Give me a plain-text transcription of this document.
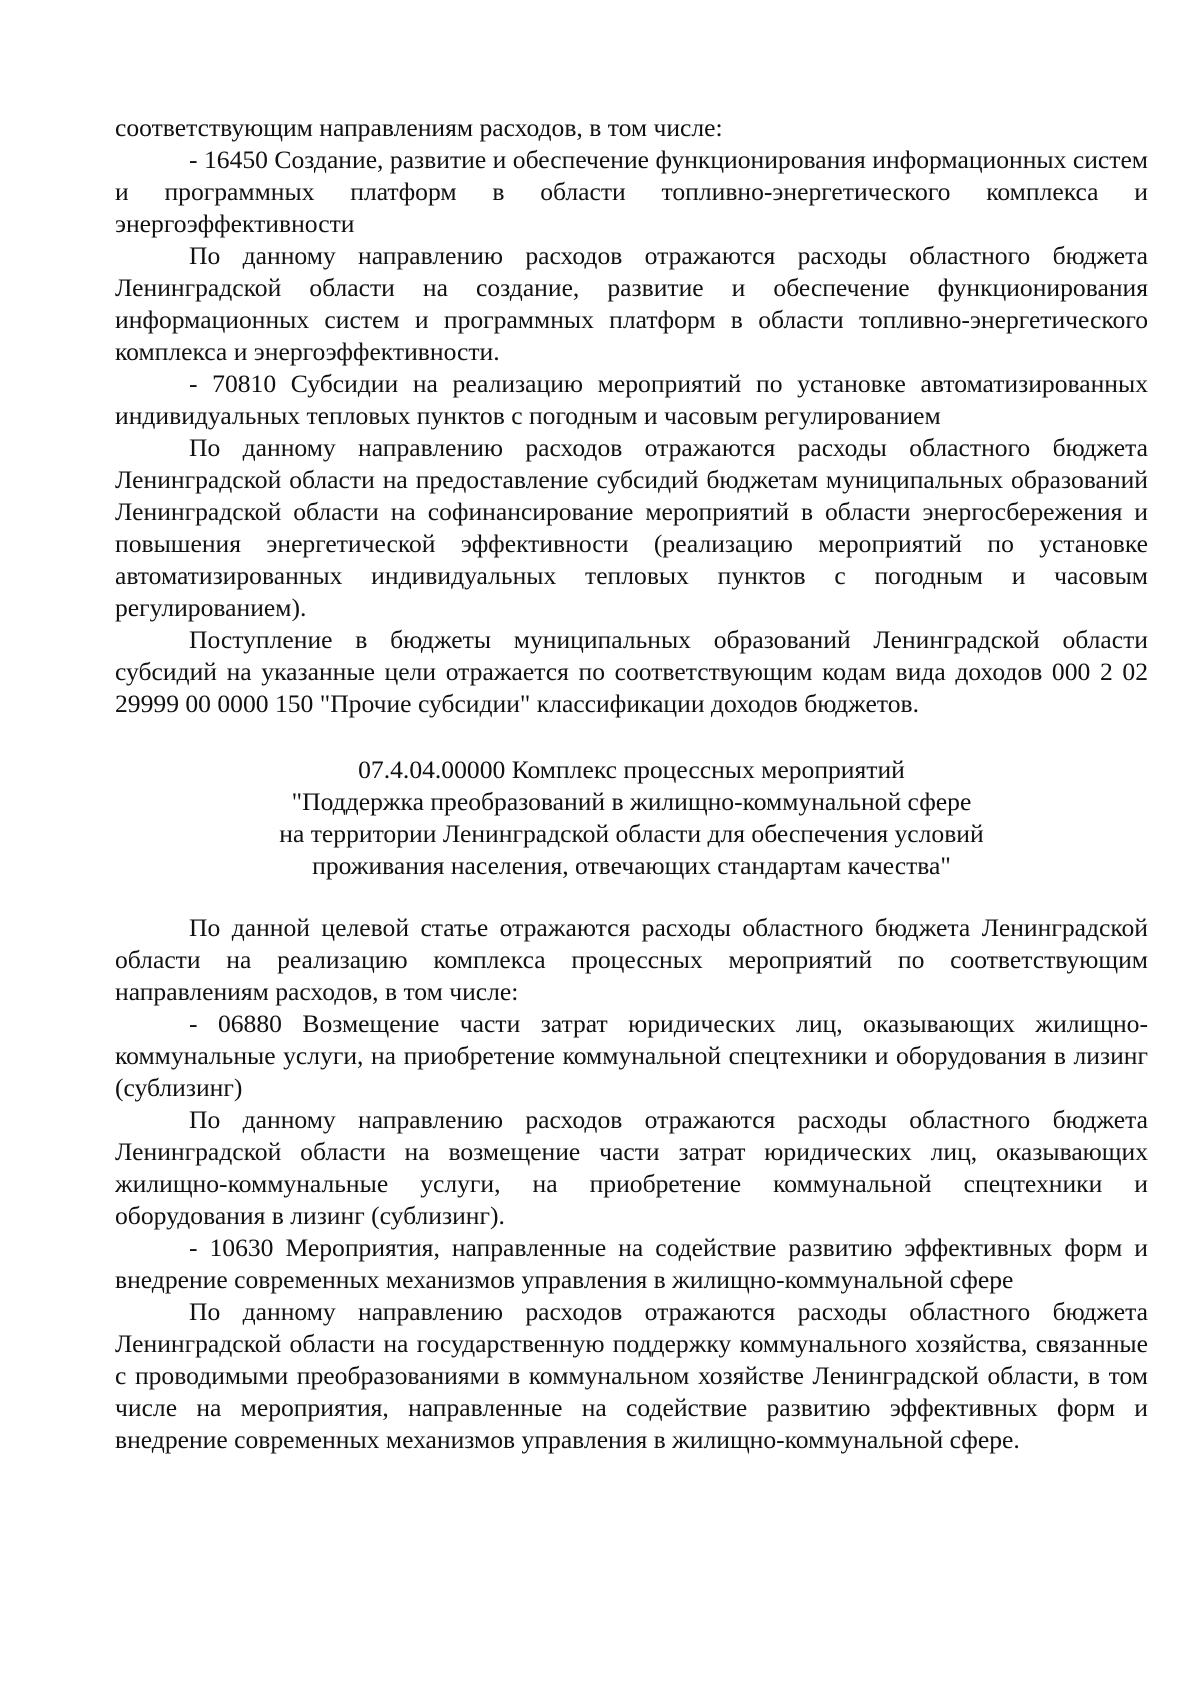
соответствующим направлениям расходов, в том числе:

- 16450 Создание, развитие и обеспечение функционирования информационных систем и программных платформ в области топливно-энергетического комплекса и энергоэффективности

По данному направлению расходов отражаются расходы областного бюджета Ленинградской области на создание, развитие и обеспечение функционирования информационных систем и программных платформ в области топливно-энергетического комплекса и энергоэффективности.

- 70810 Субсидии на реализацию мероприятий по установке автоматизированных индивидуальных тепловых пунктов с погодным и часовым регулированием

По данному направлению расходов отражаются расходы областного бюджета Ленинградской области на предоставление субсидий бюджетам муниципальных образований Ленинградской области на софинансирование мероприятий в области энергосбережения и повышения энергетической эффективности (реализацию мероприятий по установке автоматизированных индивидуальных тепловых пунктов с погодным и часовым регулированием).

Поступление в бюджеты муниципальных образований Ленинградской области субсидий на указанные цели отражается по соответствующим кодам вида доходов 000 2 02 29999 00 0000 150 "Прочие субсидии" классификации доходов бюджетов.

07.4.04.00000 Комплекс процессных мероприятий

"Поддержка преобразований в жилищно-коммунальной сфере

на территории Ленинградской области для обеспечения условий

проживания населения, отвечающих стандартам качества"

По данной целевой статье отражаются расходы областного бюджета Ленинградской области на реализацию комплекса процессных мероприятий по соответствующим направлениям расходов, в том числе:

- 06880 Возмещение части затрат юридических лиц, оказывающих жилищно-коммунальные услуги, на приобретение коммунальной спецтехники и оборудования в лизинг (сублизинг)

По данному направлению расходов отражаются расходы областного бюджета Ленинградской области на возмещение части затрат юридических лиц, оказывающих жилищно-коммунальные услуги, на приобретение коммунальной спецтехники и оборудования в лизинг (сублизинг).

- 10630 Мероприятия, направленные на содействие развитию эффективных форм и внедрение современных механизмов управления в жилищно-коммунальной сфере

По данному направлению расходов отражаются расходы областного бюджета Ленинградской области на государственную поддержку коммунального хозяйства, связанные с проводимыми преобразованиями в коммунальном хозяйстве Ленинградской области, в том числе на мероприятия, направленные на содействие развитию эффективных форм и внедрение современных механизмов управления в жилищно-коммунальной сфере.
